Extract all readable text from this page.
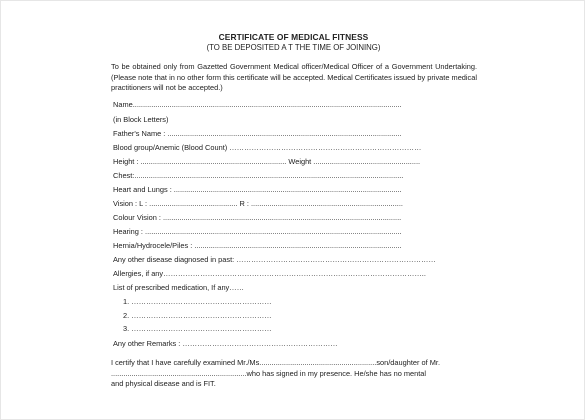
CERTIFICATE OF MEDICAL FITNESS
(TO BE DEPOSITED A T THE TIME OF JOINING)
To be obtained only from Gazetted Government Medical officer/Medical Officer of a Government Undertaking. (Please note that in no other form this certificate will be accepted. Medical Certificates issued by private medical practitioners will not be accepted.)
Name...................................................................................................................................
(in Block Letters)
Father's Name : ..................................................................................................................
Blood group/Anemic (Blood Count) ……………………………………………………………………
Height : ....................................................................... Weight ....................................................
Chest:...................................................................................................................................
Heart and Lungs : ...............................................................................................................
Vision : L : ........................................... R : ..........................................................................
Colour Vision : ....................................................................................................................
Hearing : .............................................................................................................................
Hernia/Hydrocele/Piles : .....................................................................................................
Any other disease diagnosed in past: ………………………………………………………………………
Allergies, if any……………………………………………………………………………………………..
List of prescribed medication, If any……
1. …………………………………………………
2. …………………………………………………
3. …………………………………………………
Any other Remarks : ………………………………………………………
I certify that I have carefully examined Mr./Ms.........................................................son/daughter of Mr.
..................................................................who has signed in my presence. He/she has no mental
and physical disease and is FIT.
